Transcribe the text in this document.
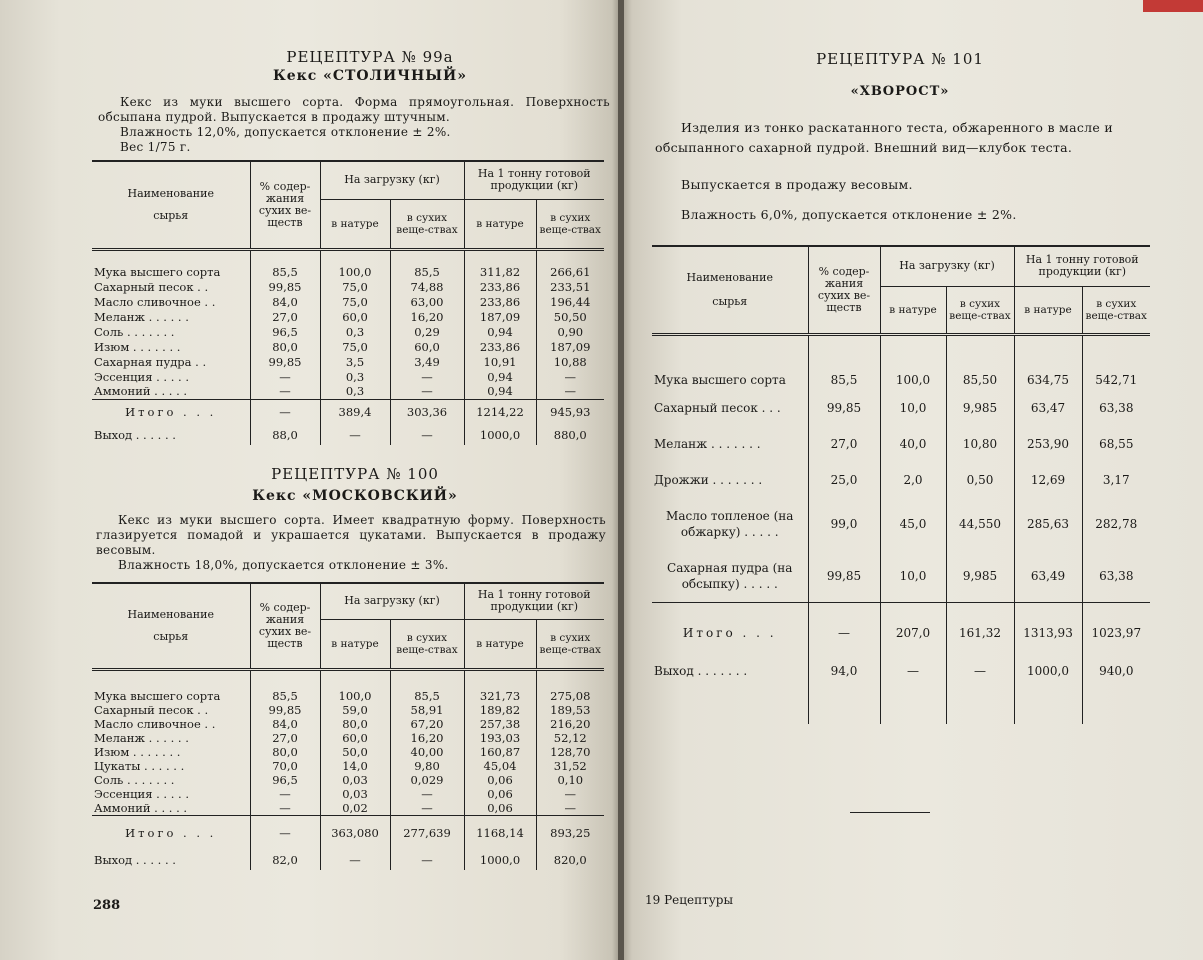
РЕЦЕПТУРА № 99а
Кекс «СТОЛИЧНЫЙ»

Кекс из муки высшего сорта. Форма прямоугольная. Поверхность обсыпана пудрой. Выпускается в продажу штучным.

Влажность 12,0%, допускается отклонение ± 2%.

Вес 1/75 г.

Наименование
сырья	% содер-жания сухих ве-ществ	На загрузку (кг)		На 1 тонну готовой продукции (кг)	
		в натуре	в сухих веще-ствах	в натуре	в сухих веще-ствах
Мука высшего сорта	85,5	100,0	85,5	311,82	266,61
Сахарный песок . .	99,85	75,0	74,88	233,86	233,51
Масло сливочное . .	84,0	75,0	63,00	233,86	196,44
Меланж . . . . . .	27,0	60,0	16,20	187,09	50,50
Соль . . . . . . .	96,5	0,3	0,29	0,94	0,90
Изюм . . . . . . .	80,0	75,0	60,0	233,86	187,09
Сахарная пудра . .	99,85	3,5	3,49	10,91	10,88
Эссенция . . . . .	—	0,3	—	0,94	—
Аммоний . . . . .	—	0,3	—	0,94	—
Итого . . .	—	389,4	303,36	1214,22	945,93
Выход . . . . . .	88,0	—	—	1000,0	880,0
РЕЦЕПТУРА № 100
Кекс «МОСКОВСКИЙ»

Кекс из муки высшего сорта. Имеет квадратную форму. Поверхность глазируется помадой и украшается цукатами. Выпускается в продажу весовым.

Влажность 18,0%, допускается отклонение ± 3%.

Наименование
сырья	% содер-жания сухих ве-ществ	На загрузку (кг)		На 1 тонну готовой продукции (кг)	
		в натуре	в сухих веще-ствах	в натуре	в сухих веще-ствах
Мука высшего сорта	85,5	100,0	85,5	321,73	275,08
Сахарный песок . .	99,85	59,0	58,91	189,82	189,53
Масло сливочное . .	84,0	80,0	67,20	257,38	216,20
Меланж . . . . . .	27,0	60,0	16,20	193,03	52,12
Изюм . . . . . . .	80,0	50,0	40,00	160,87	128,70
Цукаты . . . . . .	70,0	14,0	9,80	45,04	31,52
Соль . . . . . . .	96,5	0,03	0,029	0,06	0,10
Эссенция . . . . .	—	0,03	—	0,06	—
Аммоний . . . . .	—	0,02	—	0,06	—
Итого . . .	—	363,080	277,639	1168,14	893,25
Выход . . . . . .	82,0	—	—	1000,0	820,0
288
РЕЦЕПТУРА № 101
«ХВОРОСТ»

Изделия из тонко раскатанного теста, обжаренного в масле и обсыпанного сахарной пудрой. Внешний вид—клубок теста.

Выпускается в продажу весовым.

Влажность 6,0%, допускается отклонение ± 2%.

Наименование
сырья	% содер-жания сухих ве-ществ	На загрузку (кг)		На 1 тонну готовой продукции (кг)	
		в натуре	в сухих веще-ствах	в натуре	в сухих веще-ствах
Мука высшего сорта	85,5	100,0	85,50	634,75	542,71
Сахарный песок . . .	99,85	10,0	9,985	63,47	63,38
Меланж . . . . . . .	27,0	40,0	10,80	253,90	68,55
Дрожжи . . . . . . .	25,0	2,0	0,50	12,69	3,17
Масло топленое (на обжарку) . . . . .	99,0	45,0	44,550	285,63	282,78
Сахарная пудра (на обсыпку) . . . . .	99,85	10,0	9,985	63,49	63,38
Итого . . .	—	207,0	161,32	1313,93	1023,97
Выход . . . . . . .	94,0	—	—	1000,0	940,0
19 Рецептуры
